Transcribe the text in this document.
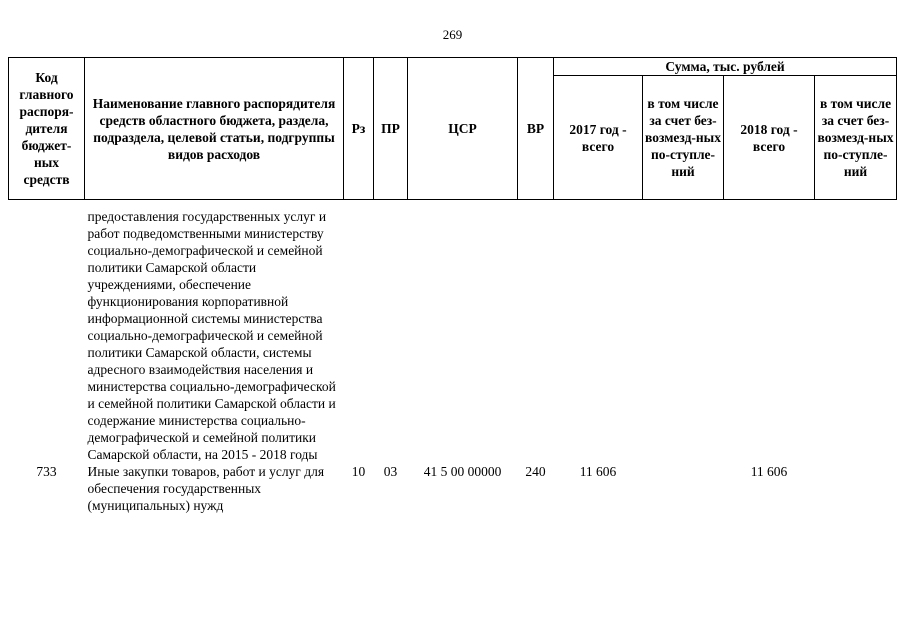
269
Код главного распоря-дителя бюджет-ных средств	Наименование главного распорядителя средств областного бюджета, раздела, подраздела, целевой статьи, подгруппы видов расходов	Рз	ПР	ЦСР	ВР	Сумма, тыс. рублей			
						2017 год - всего	в том числе за счет без-возмезд-ных по-ступле-ний	2018 год - всего	в том числе за счет без-возмезд-ных по-ступле-ний

	предоставления государственных услуг и работ подведомственными министерству социально-демографической и семейной политики Самарской области учреждениями, обеспечение функционирования корпоративной информационной системы министерства социально-демографической и семейной политики Самарской области, системы адресного взаимодействия населения и министерства социально-демографической и семейной политики Самарской области и содержание министерства социально-демографической и семейной политики Самарской области, на 2015 - 2018 годы								
733	Иные закупки товаров, работ и услуг для обеспечения государственных (муниципальных) нужд	10	03	41 5 00 00000	240	11 606		11 606	
